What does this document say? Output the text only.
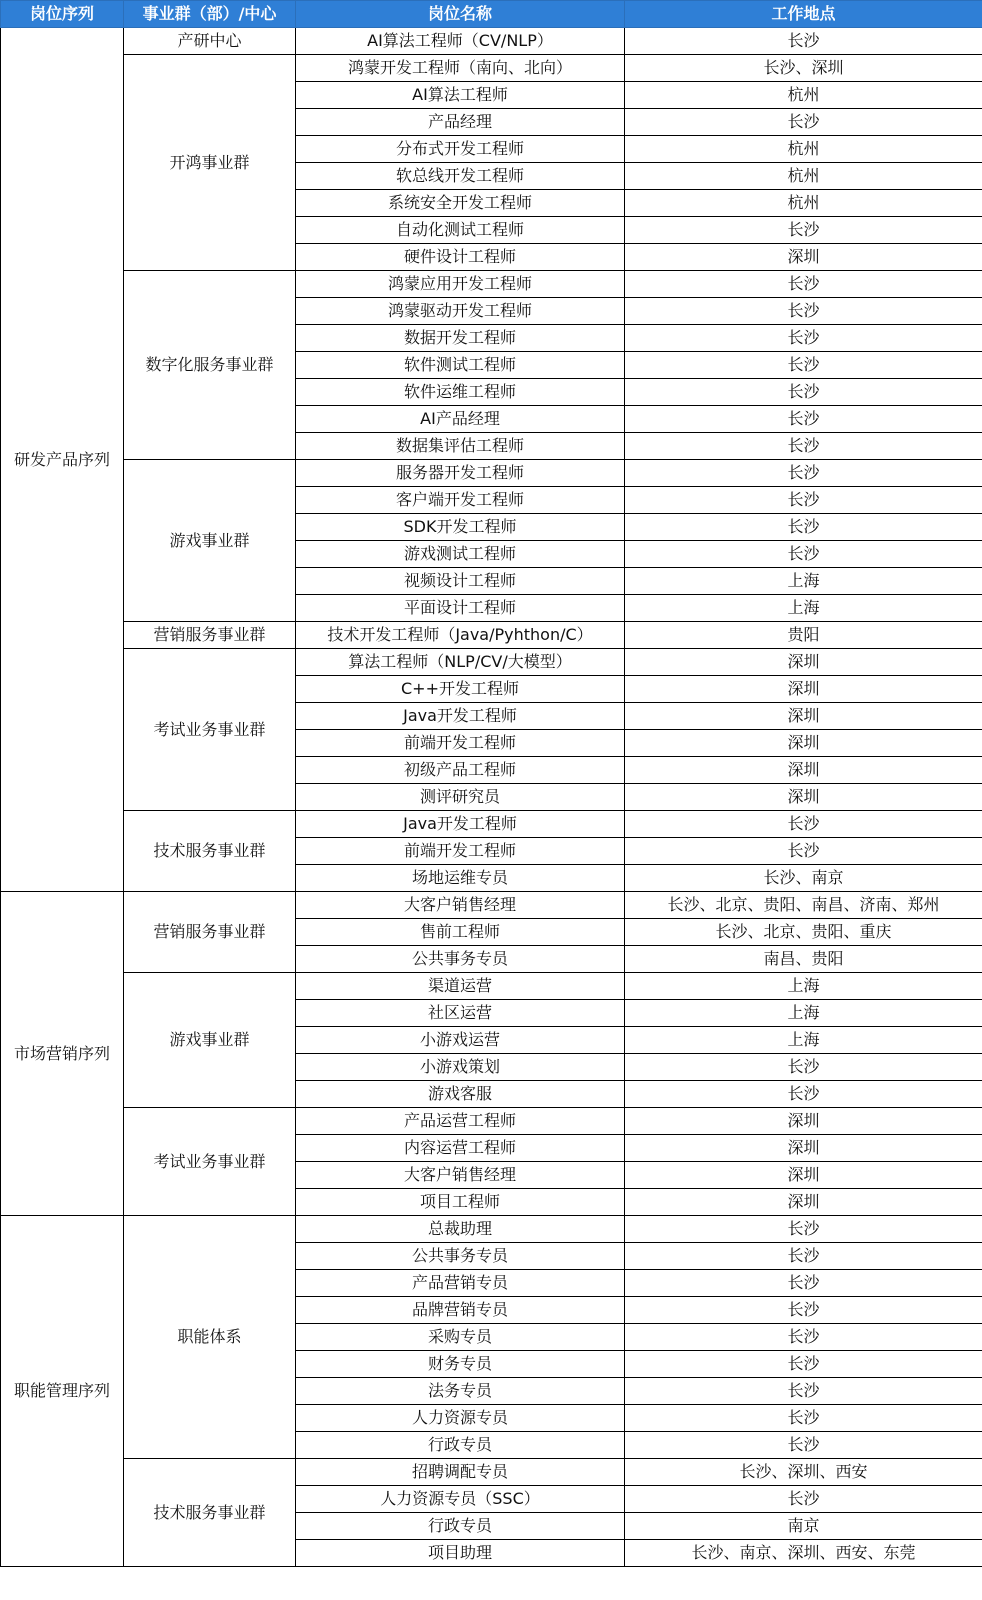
岗位序列	事业群（部）/中心	岗位名称	工作地点
研发产品序列	产研中心	AI算法工程师（CV/NLP）	长沙
	开鸿事业群	鸿蒙开发工程师（南向、北向）	长沙、深圳
		AI算法工程师	杭州
		产品经理	长沙
		分布式开发工程师	杭州
		软总线开发工程师	杭州
		系统安全开发工程师	杭州
		自动化测试工程师	长沙
		硬件设计工程师	深圳
	数字化服务事业群	鸿蒙应用开发工程师	长沙
		鸿蒙驱动开发工程师	长沙
		数据开发工程师	长沙
		软件测试工程师	长沙
		软件运维工程师	长沙
		AI产品经理	长沙
		数据集评估工程师	长沙
	游戏事业群	服务器开发工程师	长沙
		客户端开发工程师	长沙
		SDK开发工程师	长沙
		游戏测试工程师	长沙
		视频设计工程师	上海
		平面设计工程师	上海
	营销服务事业群	技术开发工程师（Java/Pyhthon/C）	贵阳
	考试业务事业群	算法工程师（NLP/CV/大模型）	深圳
		C++开发工程师	深圳
		Java开发工程师	深圳
		前端开发工程师	深圳
		初级产品工程师	深圳
		测评研究员	深圳
	技术服务事业群	Java开发工程师	长沙
		前端开发工程师	长沙
		场地运维专员	长沙、南京
市场营销序列	营销服务事业群	大客户销售经理	长沙、北京、贵阳、南昌、济南、郑州
		售前工程师	长沙、北京、贵阳、重庆
		公共事务专员	南昌、贵阳
	游戏事业群	渠道运营	上海
		社区运营	上海
		小游戏运营	上海
		小游戏策划	长沙
		游戏客服	长沙
	考试业务事业群	产品运营工程师	深圳
		内容运营工程师	深圳
		大客户销售经理	深圳
		项目工程师	深圳
职能管理序列	职能体系	总裁助理	长沙
		公共事务专员	长沙
		产品营销专员	长沙
		品牌营销专员	长沙
		采购专员	长沙
		财务专员	长沙
		法务专员	长沙
		人力资源专员	长沙
		行政专员	长沙
	技术服务事业群	招聘调配专员	长沙、深圳、西安
		人力资源专员（SSC）	长沙
		行政专员	南京
		项目助理	长沙、南京、深圳、西安、东莞
